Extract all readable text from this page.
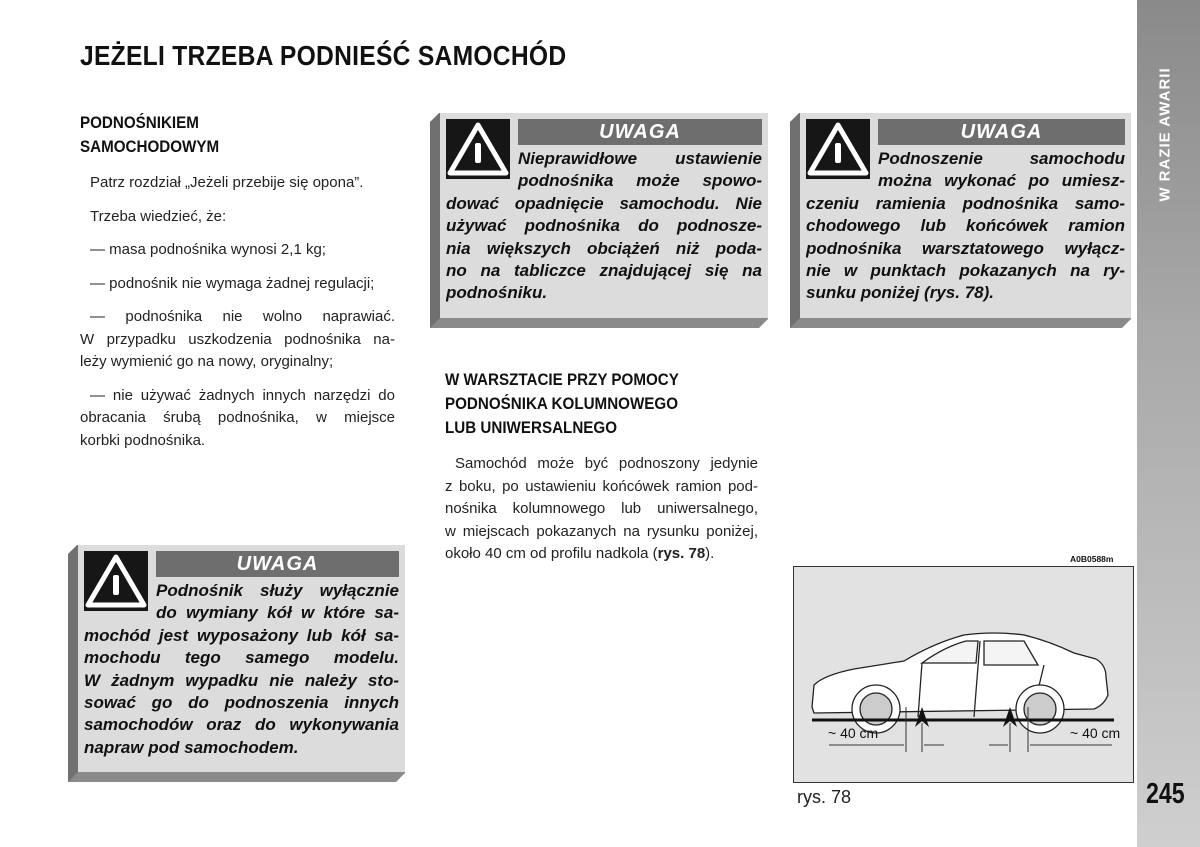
W RAZIE AWARII
245
JEŻELI TRZEBA PODNIEŚĆ SAMOCHÓD
PODNOŚNIKIEM
SAMOCHODOWYM
Patrz rozdział „Jeżeli przebije się opona”.
Trzeba wiedzieć, że:
— masa podnośnika wynosi 2,1 kg;
— podnośnik nie wymaga żadnej regulacji;
— podnośnika nie wolno naprawiać.
W przypadku uszkodzenia podnośnika na-
leży wymienić go na nowy, oryginalny;
— nie używać żadnych innych narzędzi do
obracania śrubą podnośnika, w miejsce
korbki podnośnika.
W WARSZTACIE PRZY POMOCY
PODNOŚNIKA KOLUMNOWEGO
LUB UNIWERSALNEGO
Samochód może być podnoszony jedynie
z boku, po ustawieniu końcówek ramion pod-
nośnika kolumnowego lub uniwersalnego,
w miejscach pokazanych na rysunku poniżej,
około 40 cm od profilu nadkola (rys. 78).
UWAGA
Podnośnik służy wyłącznie
do wymiany kół w które sa-
mochód jest wyposażony lub kół sa-
mochodu tego samego modelu.
W żadnym wypadku nie należy sto-
sować go do podnoszenia innych
samochodów oraz do wykonywania
napraw pod samochodem.
UWAGA
Nieprawidłowe ustawienie
podnośnika może spowo-
dować opadnięcie samochodu. Nie
używać podnośnika do podnosze-
nia większych obciążeń niż poda-
no na tabliczce znajdującej się na
podnośniku.
UWAGA
Podnoszenie samochodu
można wykonać po umiesz-
czeniu ramienia podnośnika samo-
chodowego lub końcówek ramion
podnośnika warsztatowego wyłącz-
nie w punktach pokazanych na ry-
sunku poniżej (rys. 78).
A0B0588m
~ 40 cm	~ 40 cm
rys. 78
